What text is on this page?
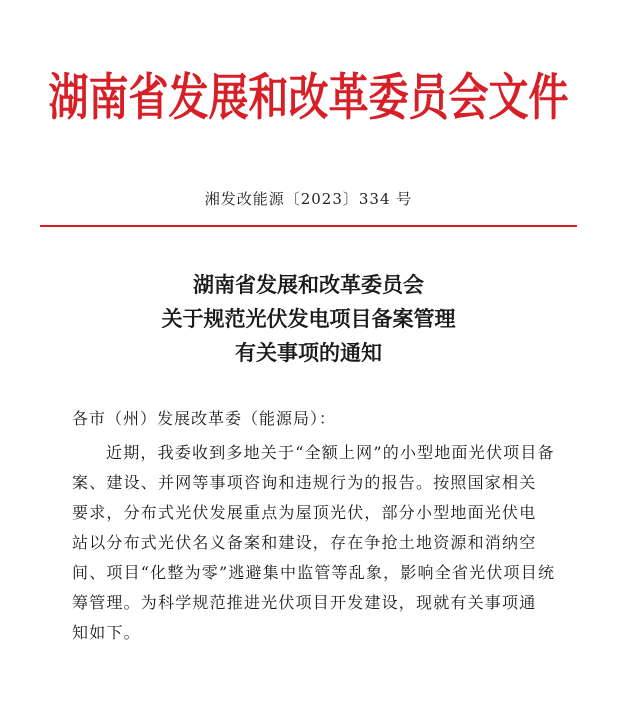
湖南省发展和改革委员会文件
湘发改能源〔2023〕334 号
湖南省发展和改革委员会
关于规范光伏发电项目备案管理
有关事项的通知
各市（州）发展改革委（能源局）：
近期，我委收到多地关于“全额上网”的小型地面光伏项目备
案、建设、并网等事项咨询和违规行为的报告。按照国家相关
要求，分布式光伏发展重点为屋顶光伏，部分小型地面光伏电
站以分布式光伏名义备案和建设，存在争抢土地资源和消纳空
间、项目“化整为零”逃避集中监管等乱象，影响全省光伏项目统
筹管理。为科学规范推进光伏项目开发建设，现就有关事项通
知如下。
